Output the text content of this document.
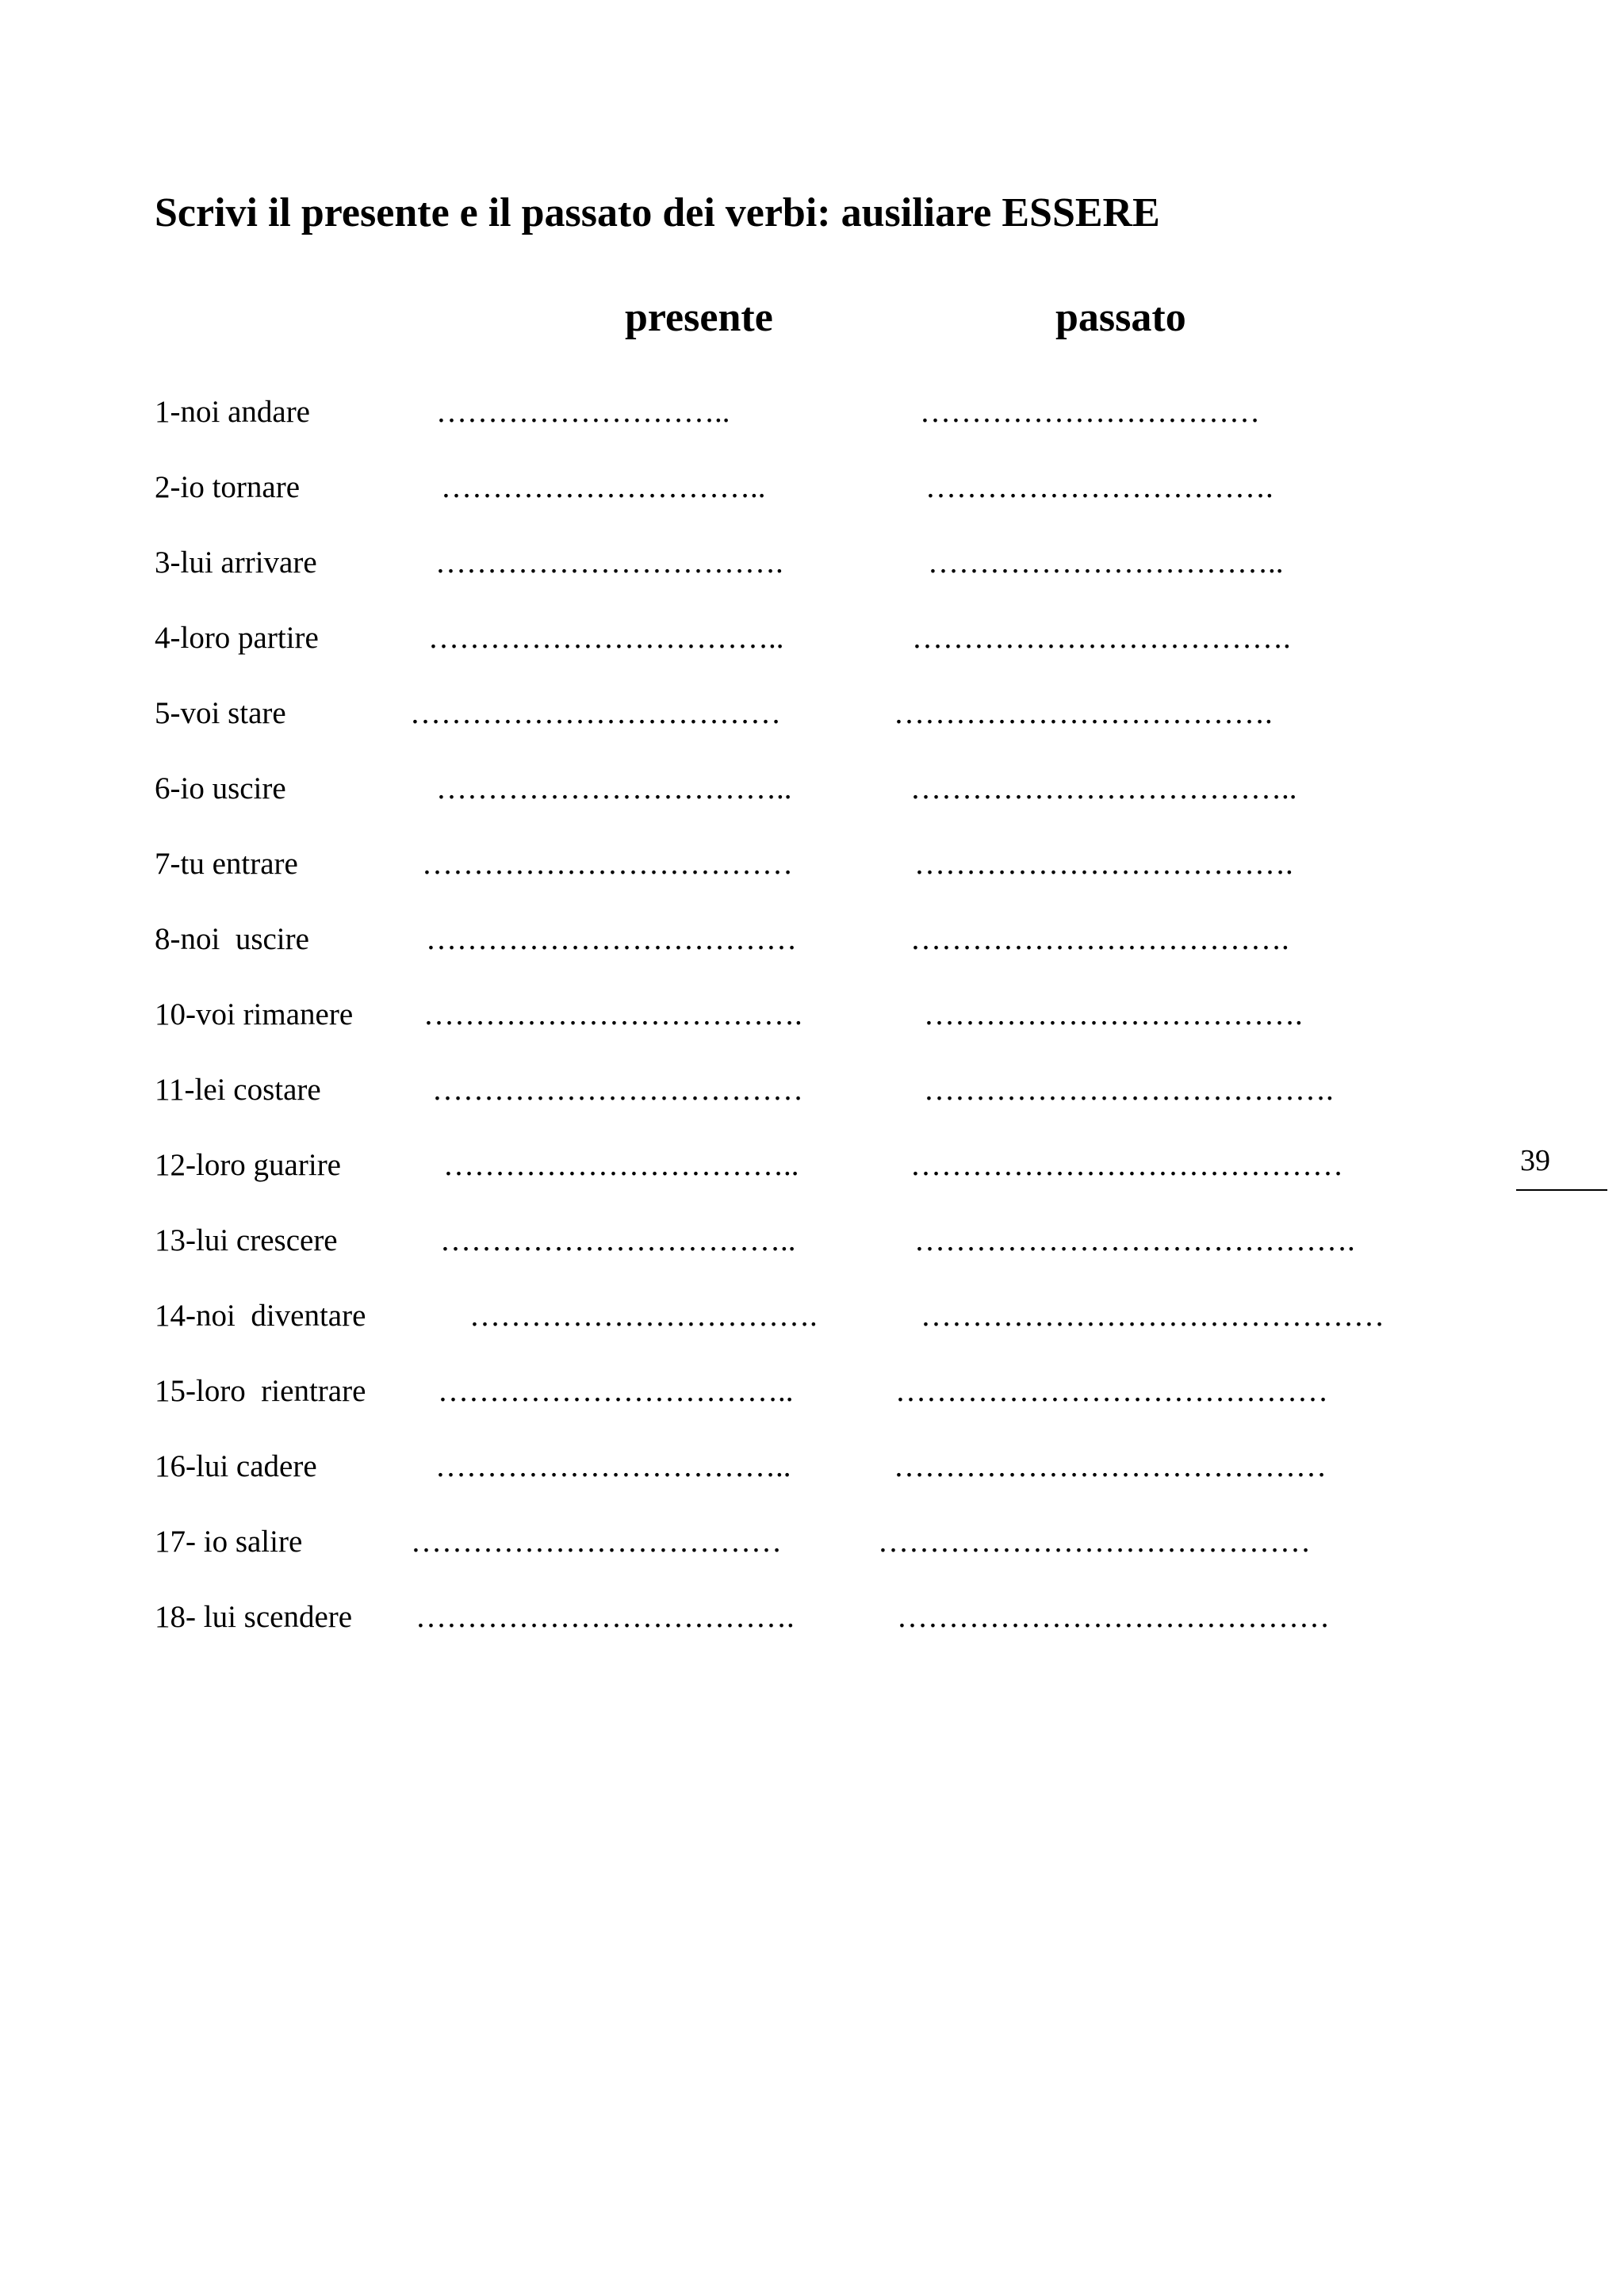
Scrivi il presente e il passato dei verbi: ausiliare ESSERE
presente	passato
1-noi andare	………………………..	……………………………
2-io tornare	…………………………..	…………………………….
3-lui arrivare	…………………………….	……………………………..
4-loro partire	……………………………..	……………………………….
5-voi stare	………………………………	……………………………….
6-io uscire	……………………………..	………………………………..
7-tu entrare	………………………………	……………………………….
8-noi  uscire	………………………………	……………………………….
10-voi rimanere ……………………………….	……………………………….
11-lei costare	………………………………	………………………………….
12-loro guarire	……………………………..	……………………………………
13-lui crescere	……………………………..	…………………………………….
14-noi  diventare	…………………………….	………………………………………
15-loro  rientrare ……………………………..	……………………………………
16-lui cadere	……………………………..	……………………………………
17- io salire	………………………………	……………………………………
18- lui scendere ……………………………….	……………………………………
39
